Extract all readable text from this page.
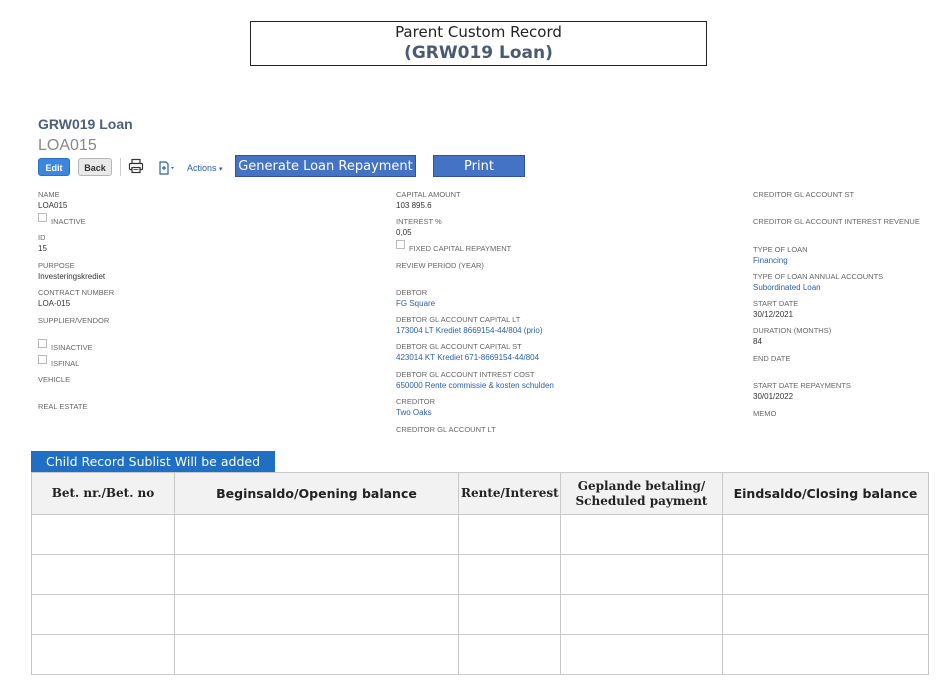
Parent Custom Record
(GRW019 Loan)
GRW019 Loan
LOA015
Edit	Back	Actions ▾ Generate Loan Repayment	Print
NAME
LOA015
INACTIVE
ID
15
PURPOSE
Investeringskrediet
CONTRACT NUMBER
LOA-015
SUPPLIER/VENDOR
ISINACTIVE
ISFINAL
VEHICLE
REAL ESTATE
CAPITAL AMOUNT
103 895.6
INTEREST %
0,05
FIXED CAPITAL REPAYMENT
REVIEW PERIOD (YEAR)
DEBTOR
FG Square
DEBTOR GL ACCOUNT CAPITAL LT
173004 LT Krediet 8669154-44/804 (prio)
DEBTOR GL ACCOUNT CAPITAL ST
423014 KT Krediet 671-8669154-44/804
DEBTOR GL ACCOUNT INTREST COST
650000 Rente commissie & kosten schulden
CREDITOR
Two Oaks
CREDITOR GL ACCOUNT LT
CREDITOR GL ACCOUNT ST
CREDITOR GL ACCOUNT INTEREST REVENUE
TYPE OF LOAN
Financing
TYPE OF LOAN ANNUAL ACCOUNTS
Subordinated Loan
START DATE
30/12/2021
DURATION (MONTHS)
84
END DATE
START DATE REPAYMENTS
30/01/2022
MEMO
Child Record Sublist Will be added
Bet. nr./Bet. no	Beginsaldo/Opening balance	Rente/Interest	Geplande betaling/
Scheduled payment	Eindsaldo/Closing balance
